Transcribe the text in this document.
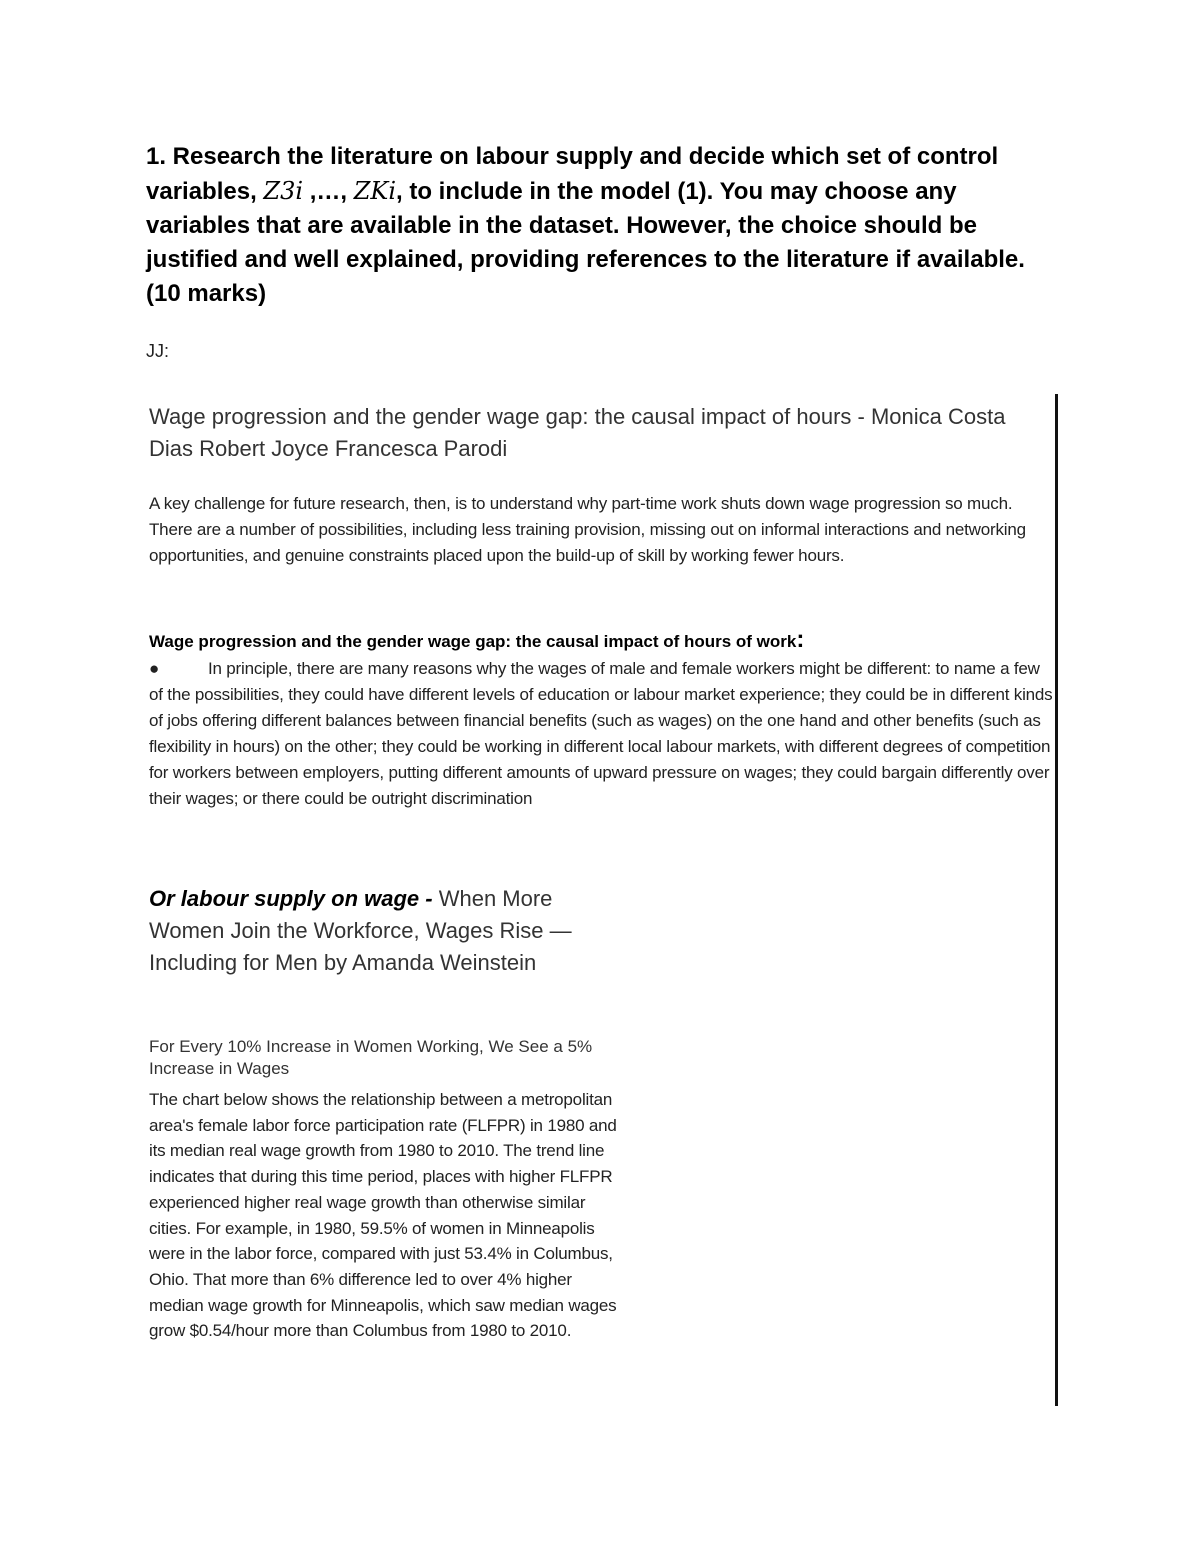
1. Research the literature on labour supply and decide which set of control variables, Z3i ,…, ZKi, to include in the model (1). You may choose any variables that are available in the dataset. However, the choice should be justified and well explained, providing references to the literature if available. (10 marks)
JJ:
Wage progression and the gender wage gap: the causal impact of hours - Monica Costa Dias Robert Joyce Francesca Parodi
A key challenge for future research, then, is to understand why part-time work shuts down wage progression so much. There are a number of possibilities, including less training provision, missing out on informal interactions and networking opportunities, and genuine constraints placed upon the build-up of skill by working fewer hours.
Wage progression and the gender wage gap: the causal impact of hours of work:
●	In principle, there are many reasons why the wages of male and female workers might be different: to name a few of the possibilities, they could have different levels of education or labour market experience; they could be in different kinds of jobs offering different balances between financial benefits (such as wages) on the one hand and other benefits (such as flexibility in hours) on the other; they could be working in different local labour markets, with different degrees of competition for workers between employers, putting different amounts of upward pressure on wages; they could bargain differently over their wages; or there could be outright discrimination
Or labour supply on wage - When More Women Join the Workforce, Wages Rise — Including for Men by Amanda Weinstein
For Every 10% Increase in Women Working, We See a 5% Increase in Wages
The chart below shows the relationship between a metropolitan area's female labor force participation rate (FLFPR) in 1980 and its median real wage growth from 1980 to 2010. The trend line indicates that during this time period, places with higher FLFPR experienced higher real wage growth than otherwise similar cities. For example, in 1980, 59.5% of women in Minneapolis were in the labor force, compared with just 53.4% in Columbus, Ohio. That more than 6% difference led to over 4% higher median wage growth for Minneapolis, which saw median wages grow $0.54/hour more than Columbus from 1980 to 2010.
